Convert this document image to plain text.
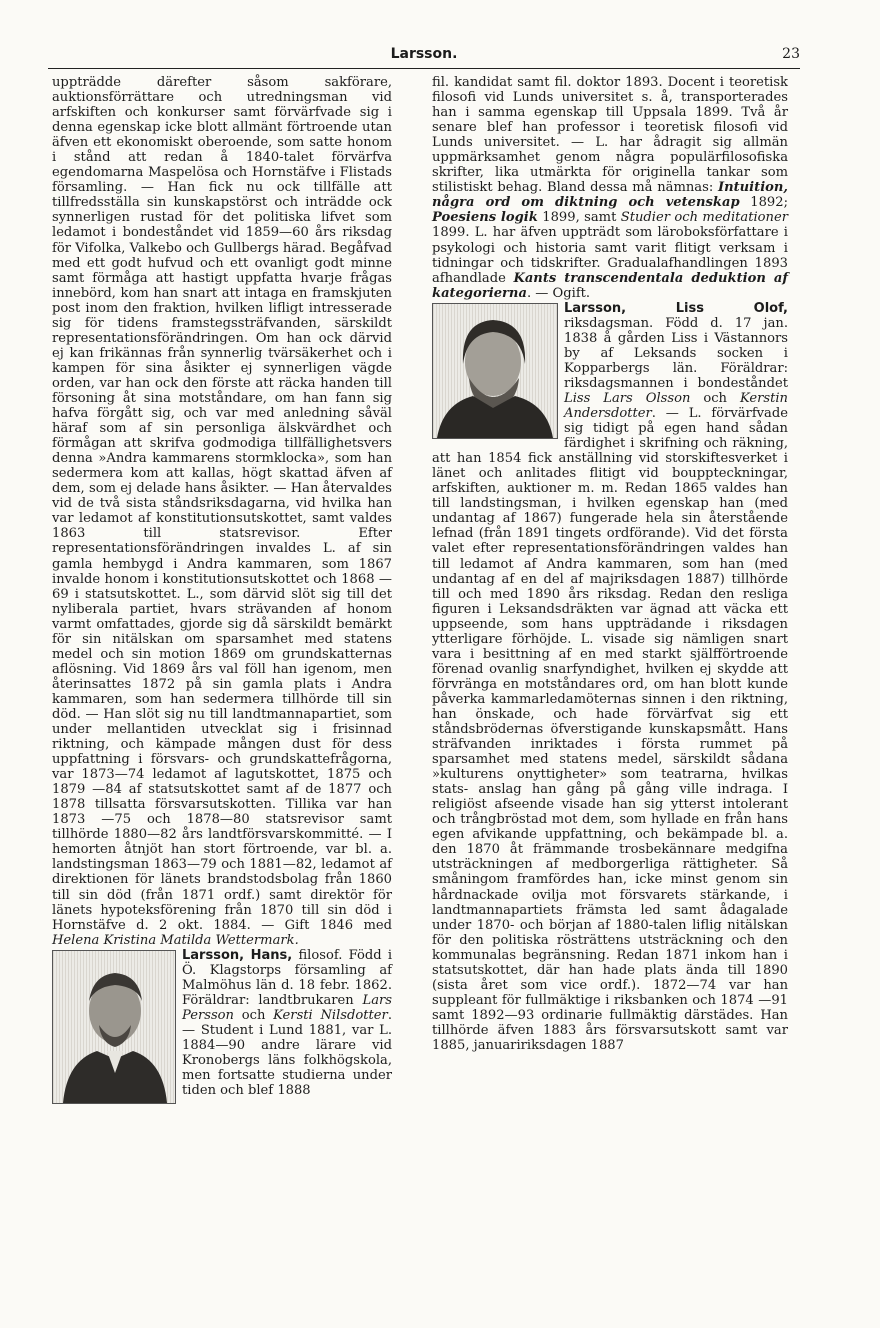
Larsson.	23

uppträdde därefter såsom sakförare, auktionsförrättare och utredningsman vid arfskiften och konkurser samt förvärfvade sig i denna egenskap icke blott allmänt förtroende utan äfven ett ekonomiskt oberoende, som satte honom i stånd att redan å 1840-talet förvärfva egendomarna Maspelösa och Hornstäfve i Flistads församling. — Han fick nu ock tillfälle att tillfredsställa sin kunskapstörst och inträdde ock synnerligen rustad för det politiska lifvet som ledamot i bondeståndet vid 1859—60 års riksdag för Vifolka, Valkebo och Gullbergs härad. Begåfvad med ett godt hufvud och ett ovanligt godt minne samt förmåga att hastigt uppfatta hvarje frågas innebörd, kom han snart att intaga en framskjuten post inom den fraktion, hvilken lifligt intresserade sig för tidens framstegssträfvanden, särskildt representationsförändringen. Om han ock därvid ej kan frikännas från synnerlig tvärsäkerhet och i kampen för sina åsikter ej synnerligen vägde orden, var han ock den förste att räcka handen till försoning åt sina motståndare, om han fann sig hafva förgått sig, och var med anledning såväl häraf som af sin personliga älskvärdhet och förmågan att skrifva godmodiga tillfällighetsvers denna »Andra kammarens stormklocka», som han sedermera kom att kallas, högt skattad äfven af dem, som ej delade hans åsikter. — Han återvaldes vid de två sista ståndsriksdagarna, vid hvilka han var ledamot af konstitutionsutskottet, samt valdes 1863 till statsrevisor. Efter representationsförändringen invaldes L. af sin gamla hembygd i Andra kammaren, som 1867 invalde honom i konstitutionsutskottet och 1868 —69 i statsutskottet. L., som därvid slöt sig till det nyliberala partiet, hvars strävanden af honom varmt omfattades, gjorde sig då särskildt bemärkt för sin nitälskan om sparsamhet med statens medel och sin motion 1869 om grundskatternas aflösning. Vid 1869 års val föll han igenom, men återinsattes 1872 på sin gamla plats i Andra kammaren, som han sedermera tillhörde till sin död. — Han slöt sig nu till landtmannapartiet, som under mellantiden utvecklat sig i frisinnad riktning, och kämpade mången dust för dess uppfattning i försvars- och grundskattefrågorna, var 1873—74 ledamot af lagutskottet, 1875 och 1879 —84 af statsutskottet samt af de 1877 och 1878 tillsatta försvarsutskotten. Tillika var han 1873 —75 och 1878—80 statsrevisor samt tillhörde 1880—82 års landtförsvarskommitté. — I hemorten åtnjöt han stort förtroende, var bl. a. landstingsman 1863—79 och 1881—82, ledamot af direktionen för länets brandstodsbolag från 1860 till sin död (från 1871 ordf.) samt direktör för länets hypoteksförening från 1870 till sin död i Hornstäfve d. 2 okt. 1884. — Gift 1846 med Helena Kristina Matilda Wettermark.

Larsson, Hans,
filosof. Född i Ö. Klagstorps församling af Malmöhus län d. 18 febr. 1862. Föräldrar: landtbrukaren Lars Persson och Kersti Nilsdotter. — Student i Lund 1881, var L. 1884—90 andre lärare vid Kronobergs läns folkhögskola, men fortsatte studierna under tiden och blef 1888

fil. kandidat samt fil. doktor 1893. Docent i teoretisk filosofi vid Lunds universitet s. å, transporterades han i samma egenskap till Uppsala 1899. Två år senare blef han professor i teoretisk filosofi vid Lunds universitet. — L. har ådragit sig allmän uppmärksamhet genom några populärfilosofiska skrifter, lika utmärkta för originella tankar som stilistiskt behag. Bland dessa må nämnas: Intuition, några ord om diktning och vetenskap 1892; Poesiens logik 1899, samt Studier och meditationer 1899. L. har äfven uppträdt som läroboksförfattare i psykologi och historia samt varit flitigt verksam i tidningar och tidskrifter. Gradualafhandlingen 1893 afhandlade Kants transcendentala deduktion af kategorierna. — Ogift.

Larsson, Liss Olof,
riksdagsman. Född d. 17 jan. 1838 å gården Liss i Västannors by af Leksands socken i Kopparbergs län. Föräldrar: riksdagsmannen i bondeståndet Liss Lars Olsson och Kerstin Andersdotter. — L. förvärfvade sig tidigt på egen hand sådan färdighet i skrifning och räkning, att han 1854 fick anställning vid storskiftesverket i länet och anlitades flitigt vid bouppteckningar, arfskiften, auktioner m. m. Redan 1865 valdes han till landstingsman, i hvilken egenskap han (med undantag af 1867) fungerade hela sin återstående lefnad (från 1891 tingets ordförande). Vid det första valet efter representationsförändringen valdes han till ledamot af Andra kammaren, som han (med undantag af en del af majriksdagen 1887) tillhörde till och med 1890 års riksdag. Redan den resliga figuren i Leksandsdräkten var ägnad att väcka ett uppseende, som hans uppträdande i riksdagen ytterligare förhöjde. L. visade sig nämligen snart vara i besittning af en med starkt själfförtroende förenad ovanlig snarfyndighet, hvilken ej skydde att förvränga en motståndares ord, om han blott kunde påverka kammarledamöternas sinnen i den riktning, han önskade, och hade förvärfvat sig ett ståndsbrödernas öfverstigande kunskapsmått. Hans sträfvanden inriktades i första rummet på sparsamhet med statens medel, särskildt sådana »kulturens onyttigheter» som teatrarna, hvilkas stats- anslag han gång på gång ville indraga. I religiöst afseende visade han sig ytterst intolerant och trångbröstad mot dem, som hyllade en från hans egen afvikande uppfattning, och bekämpade bl. a. den 1870 åt främmande trosbekännare medgifna utsträckningen af medborgerliga rättigheter. Så småningom framfördes han, icke minst genom sin hårdnackade ovilja mot försvarets stärkande, i landtmannapartiets främsta led samt ådagalade under 1870- och början af 1880-talen liflig nitälskan för den politiska rösträttens utsträckning och den kommunalas begränsning. Redan 1871 inkom han i statsutskottet, där han hade plats ända till 1890 (sista året som vice ordf.). 1872—74 var han suppleant för fullmäktige i riksbanken och 1874 —91 samt 1892—93 ordinarie fullmäktig därstädes. Han tillhörde äfven 1883 års försvarsutskott samt var 1885, januaririksdagen 1887
